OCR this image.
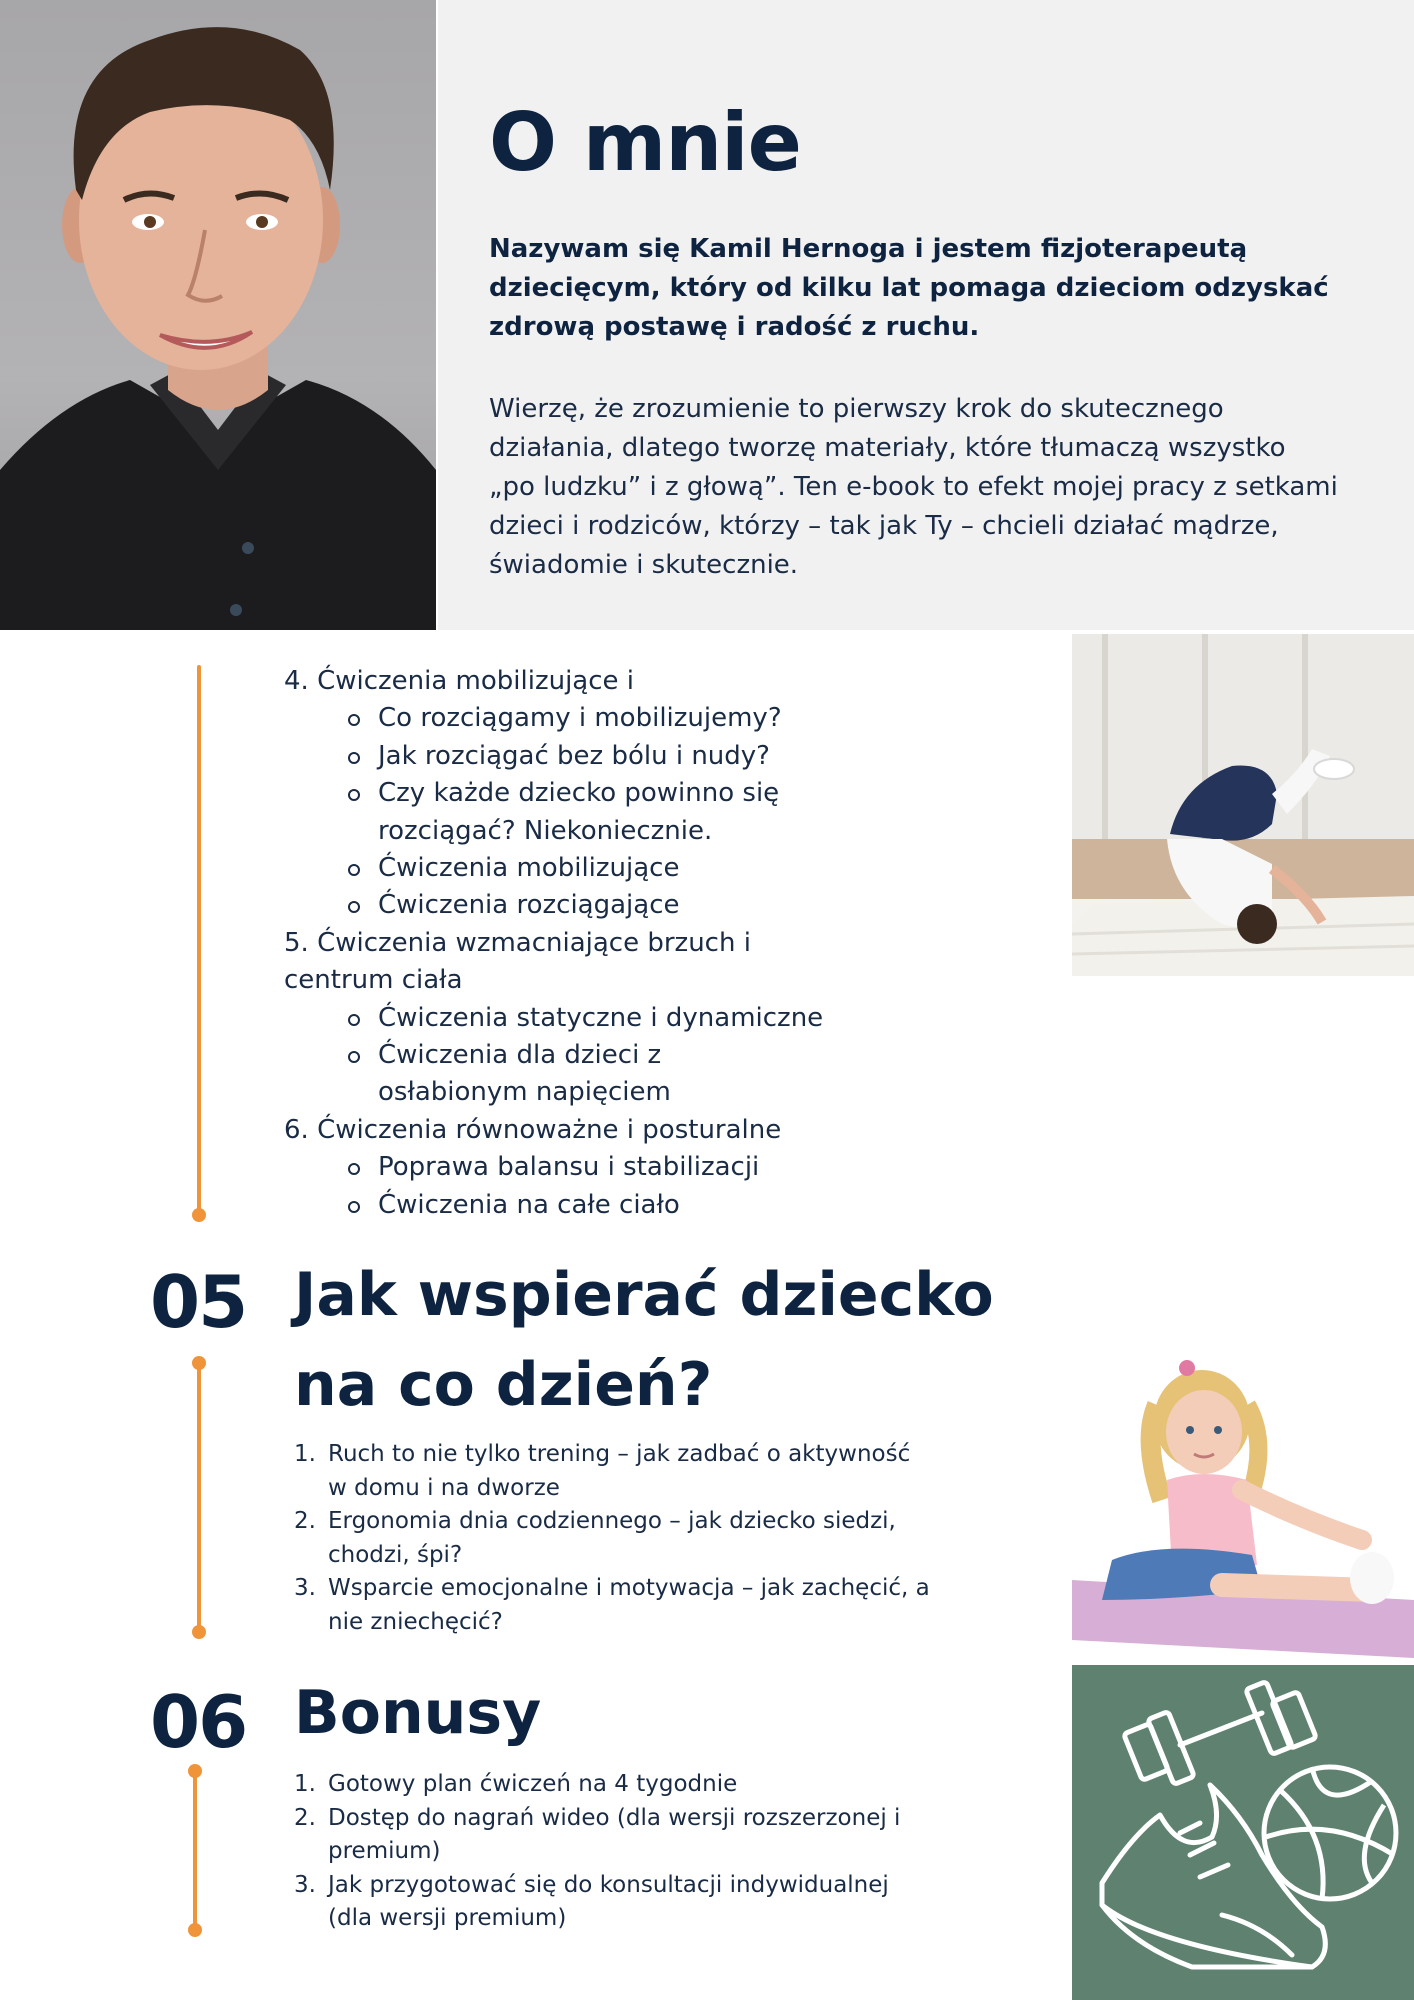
O mnie

Nazywam się Kamil Hernoga i jestem fizjoterapeutą dziecięcym, który od kilku lat pomaga dzieciom odzyskać zdrową postawę i radość z ruchu.

Wierzę, że zrozumienie to pierwszy krok do skutecznego działania, dlatego tworzę materiały, które tłumaczą wszystko „po ludzku” i z głową”. Ten e-book to efekt mojej pracy z setkami dzieci i rodziców, którzy – tak jak Ty – chcieli działać mądrze, świadomie i skutecznie.

4. Ćwiczenia mobilizujące i

Co rozciągamy i mobilizujemy?
Jak rozciągać bez bólu i nudy?
Czy każde dziecko powinno się rozciągać? Niekoniecznie.
Ćwiczenia mobilizujące
Ćwiczenia rozciągające

5. Ćwiczenia wzmacniające brzuch i centrum ciała

Ćwiczenia statyczne i dynamiczne
Ćwiczenia dla dzieci z osłabionym napięciem

6. Ćwiczenia równoważne i posturalne

Poprawa balansu i stabilizacji
Ćwiczenia na całe ciało
05 Jak wspierać dziecko na co dzień?
1. Ruch to nie tylko trening – jak zadbać o aktywność w domu i na dworze
2. Ergonomia dnia codziennego – jak dziecko siedzi, chodzi, śpi?
3. Wsparcie emocjonalne i motywacja – jak zachęcić, a nie zniechęcić?
06 Bonusy
1. Gotowy plan ćwiczeń na 4 tygodnie
2. Dostęp do nagrań wideo (dla wersji rozszerzonej i premium)
3. Jak przygotować się do konsultacji indywidualnej (dla wersji premium)
